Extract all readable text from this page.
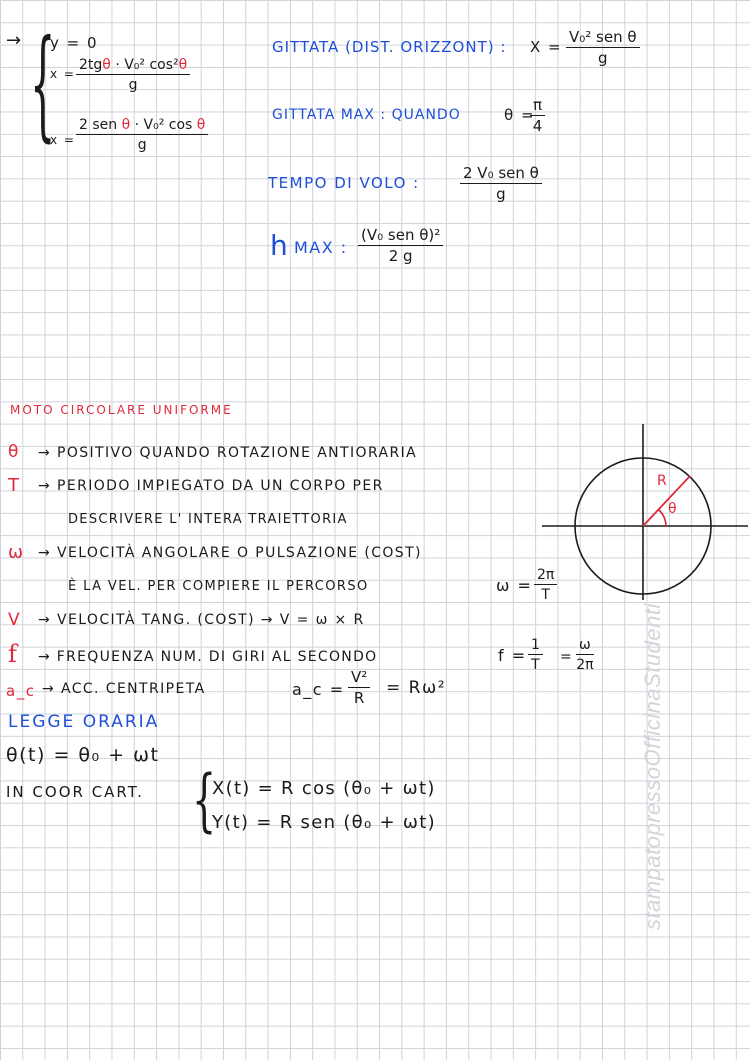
→ {
y = 0
x =
2tgθ · V₀² cos²θ
g
x =
2 sen θ · V₀² cos θ
g
GITTATA (DIST. ORIZZONT) : X =
V₀² sen θ
g
GITTATA MAX : QUANDO	θ =
$\frac{\pi}{4}$
TEMPO DI VOLO :
2 V₀ sen θ
g
h MAX :
(V₀ sen θ)²
2 g
MOTO CIRCOLARE UNIFORME
θ → POSITIVO QUANDO ROTAZIONE ANTIORARIA
T → PERIODO IMPIEGATO DA UN CORPO PER
DESCRIVERE L' INTERA TRAIETTORIA
ω → VELOCITÀ ANGOLARE O PULSAZIONE (COST)
È LA VEL. PER COMPIERE IL PERCORSO	$\omega = \frac{2\pi}{T}$
V → VELOCITÀ TANG. (COST) → V = ω × R
f → FREQUENZA NUM. DI GIRI AL SECONDO	$f = \frac{1}{T} = \frac{\omega}{2\pi}$
a_c → ACC. CENTRIPETA	a_c = $\frac{\text{V²}}{R} = R\omega^2$
LEGGE ORARIA
θ(t) = θ₀ + ωt
IN COOR CART. {
X(t) = R cos (θ₀ + ωt)
Y(t) = R sen (θ₀ + ωt)
R
θ
stampatopressoOfficinaStudenti
